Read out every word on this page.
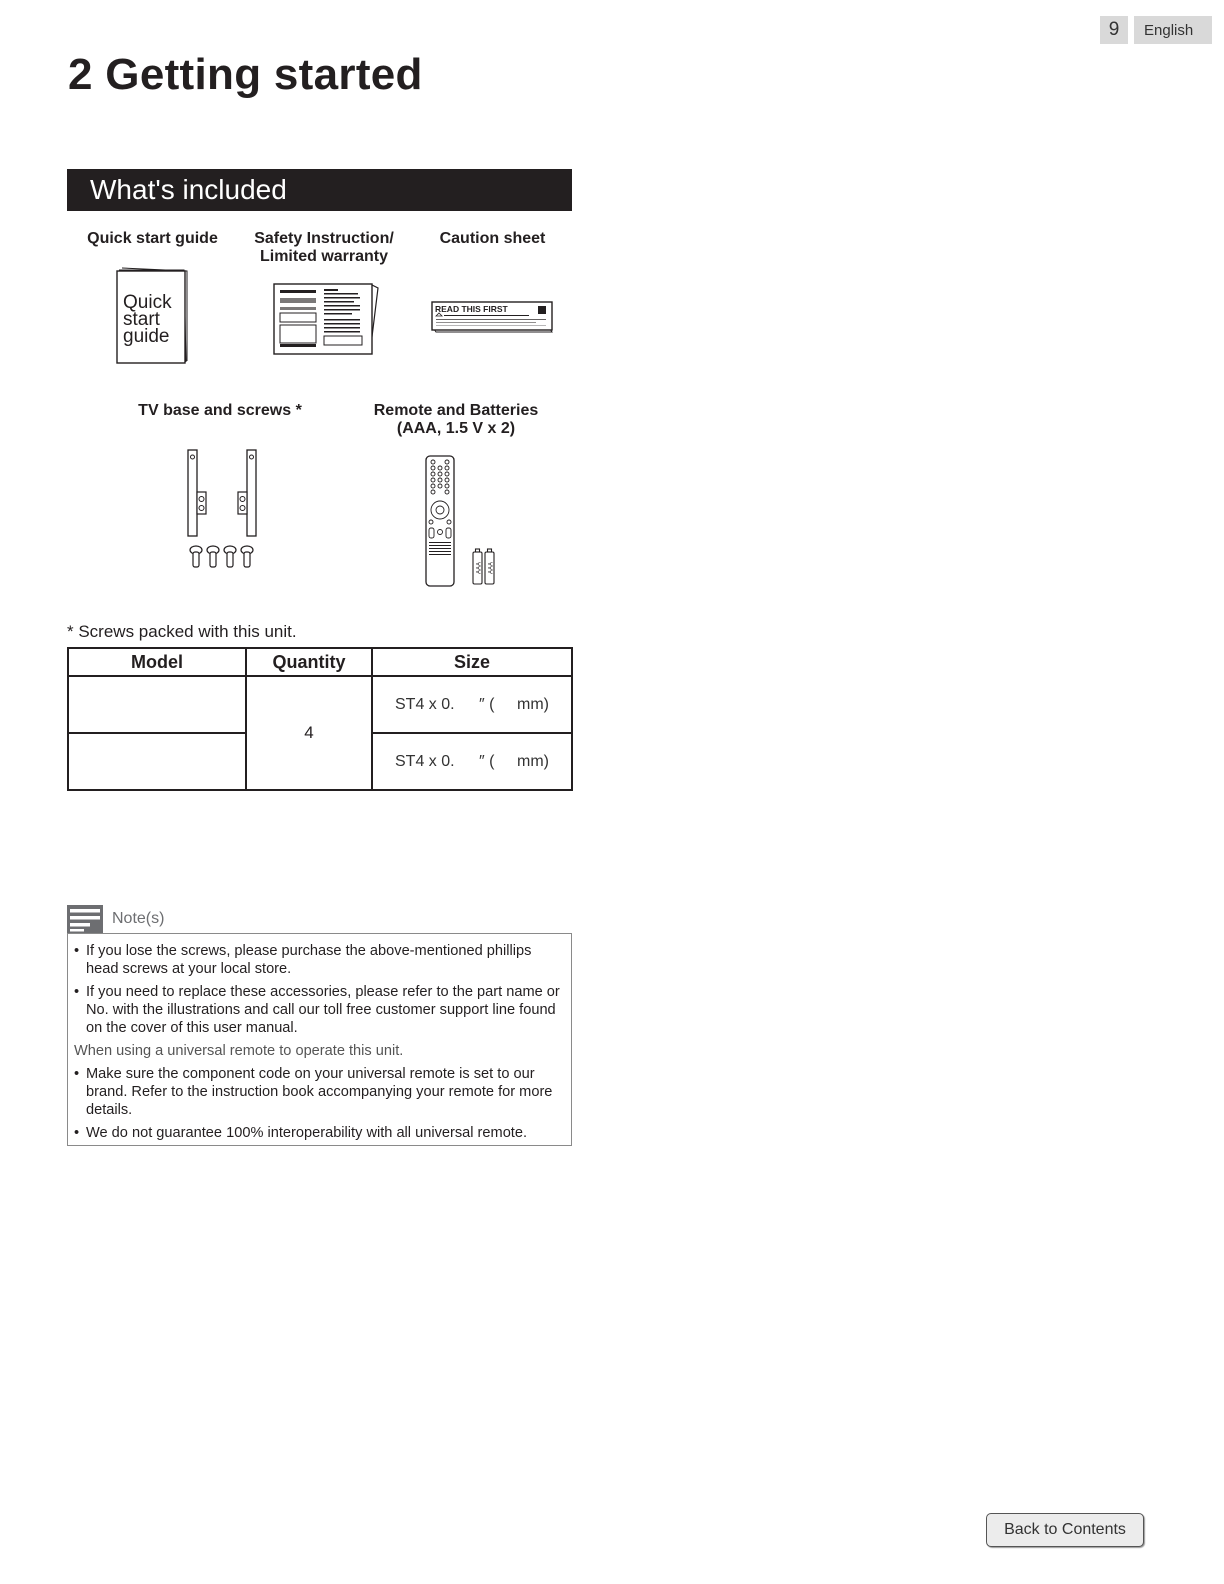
9	English
2 Getting started
What's included
Quick start guide	Safety Instruction/
Limited warranty
Caution sheet
TV base and screws *	Remote and Batteries
(AAA, 1.5 V x 2)
Quick
start
guide
READ THIS FIRST
AAA AAA
* Screws packed with this unit.
Model	Quantity	Size
	4	ST4 x 0. ″ ( mm)
		ST4 x 0. ″ ( mm)
Note(s)
• If you lose the screws, please purchase the above-mentioned phillips head screws at your local store.
• If you need to replace these accessories, please refer to the part name or No. with the illustrations and call our toll free customer support line found on the cover of this user manual.
When using a universal remote to operate this unit.
• Make sure the component code on your universal remote is set to our brand. Refer to the instruction book accompanying your remote for more details.
• We do not guarantee 100% interoperability with all universal remote.
Back to Contents
